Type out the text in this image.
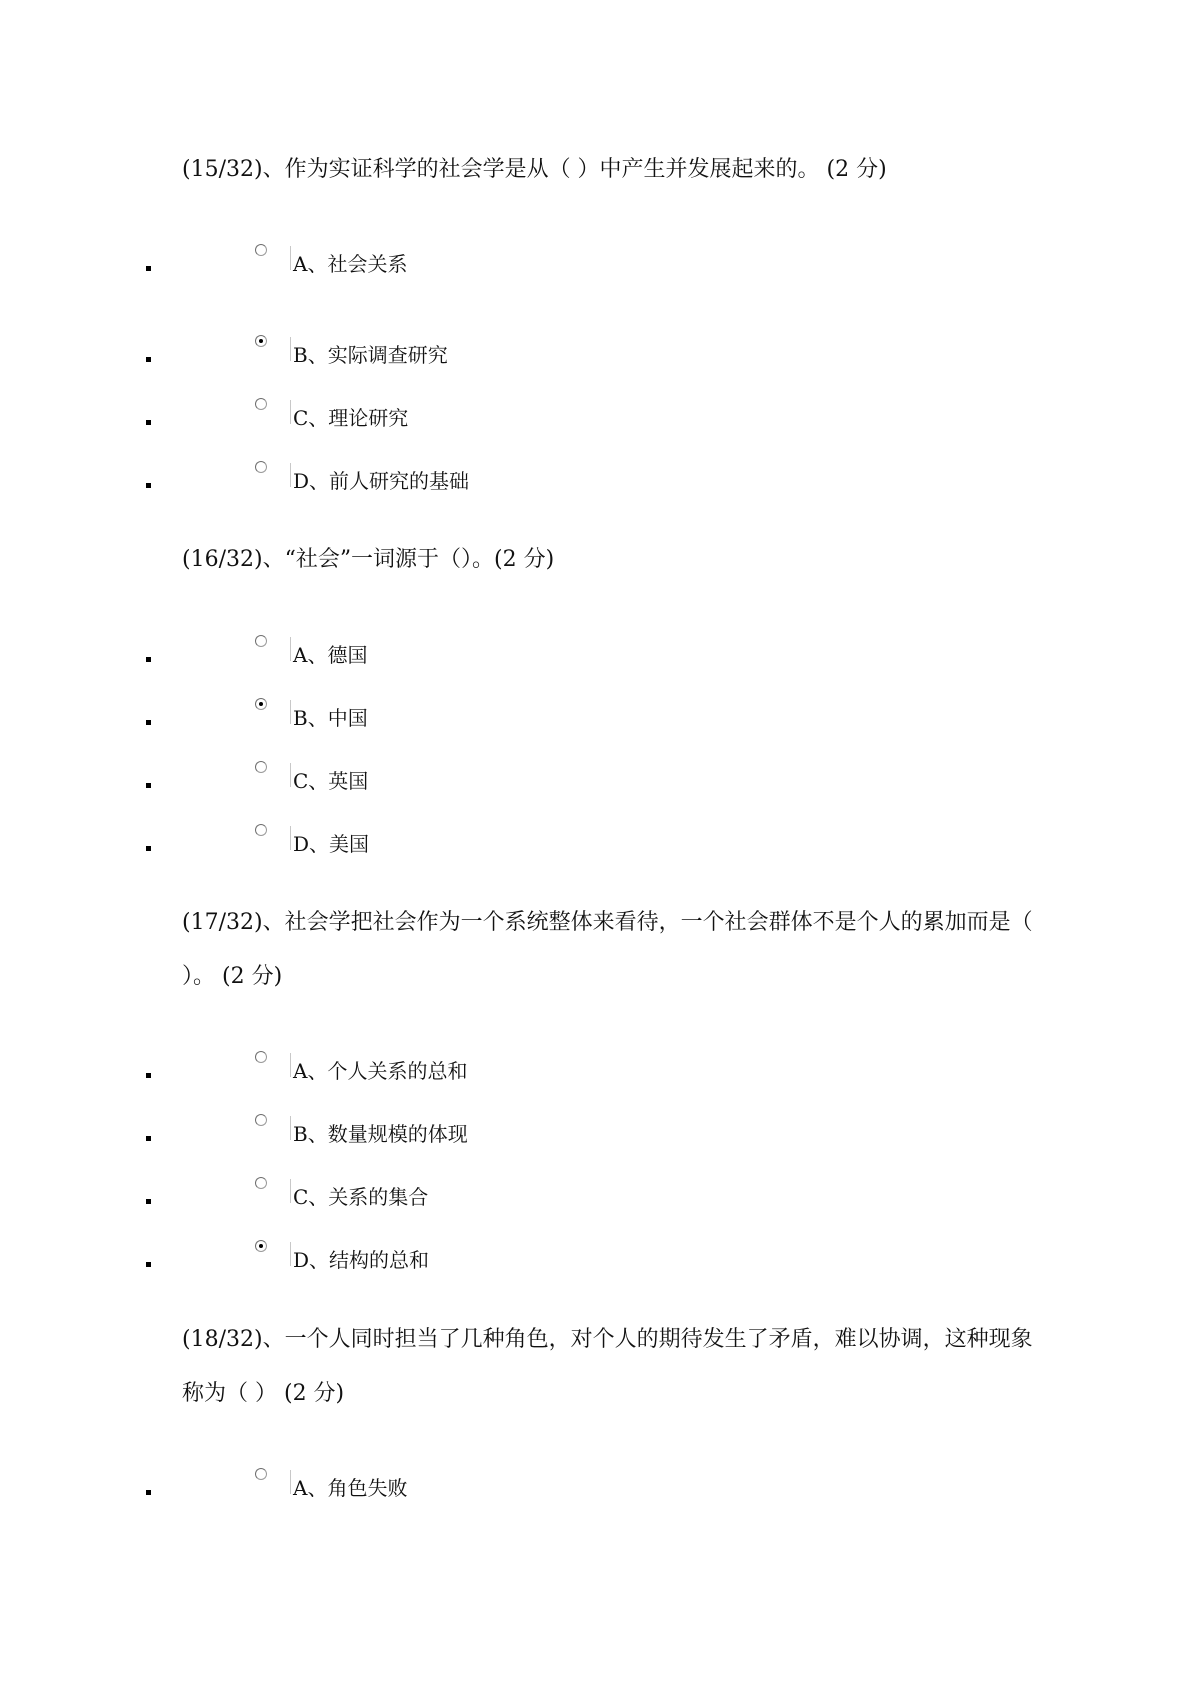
(15/32)、作为实证科学的社会学是从（ ）中产生并发展起来的。 (2 分)
A、社会关系
B、实际调查研究
C、理论研究
D、前人研究的基础
(16/32)、“社会”一词源于（）。(2 分)
A、德国
B、中国
C、英国
D、美国
(17/32)、社会学把社会作为一个系统整体来看待，一个社会群体不是个人的累加而是（ ）。 (2 分)
A、个人关系的总和
B、数量规模的体现
C、关系的集合
D、结构的总和
(18/32)、一个人同时担当了几种角色，对个人的期待发生了矛盾，难以协调，这种现象称为（ ） (2 分)
A、角色失败
